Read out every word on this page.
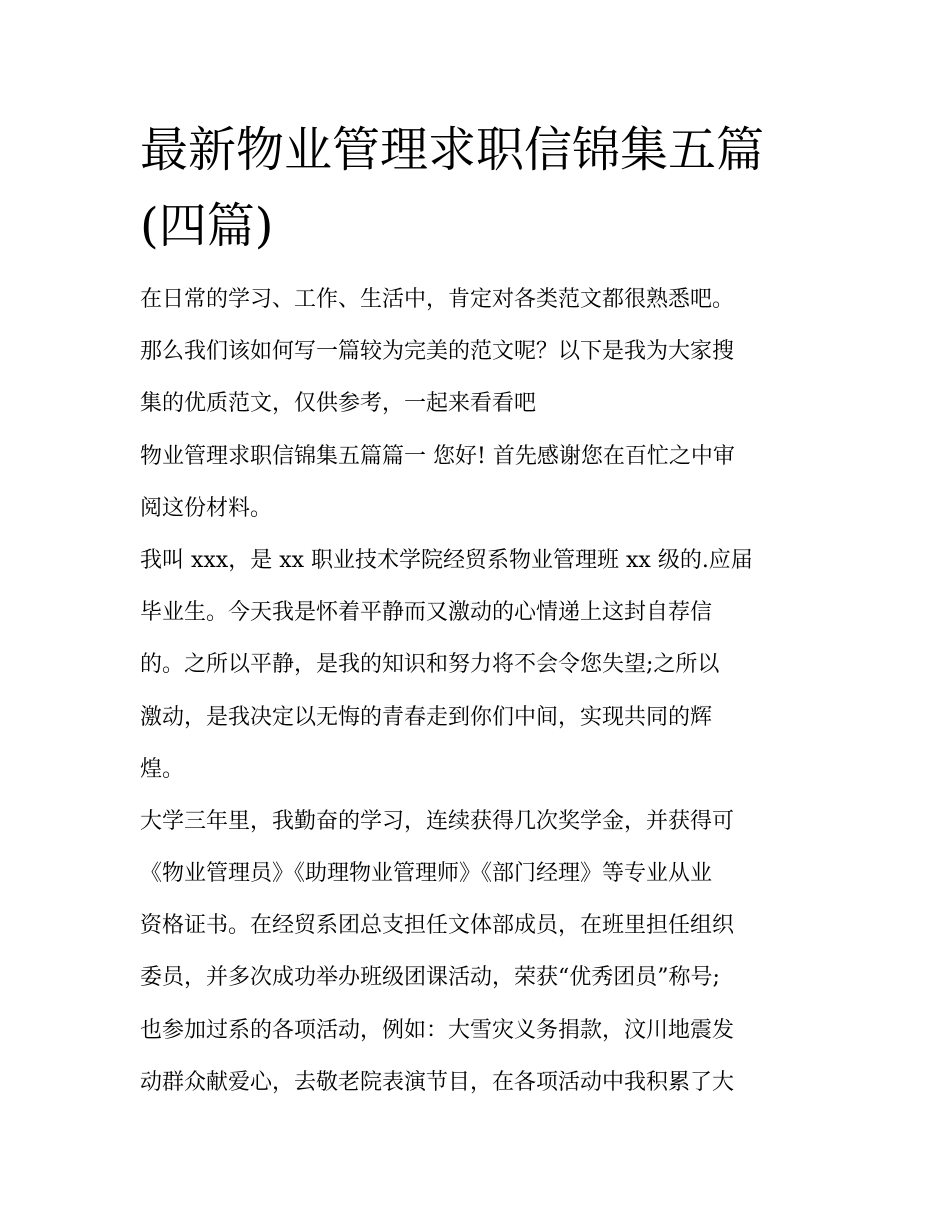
最新物业管理求职信锦集五篇
(四篇)
在日常的学习、工作、生活中，肯定对各类范文都很熟悉吧。
那么我们该如何写一篇较为完美的范文呢？以下是我为大家搜
集的优质范文，仅供参考，一起来看看吧
物业管理求职信锦集五篇篇一 您好! 首先感谢您在百忙之中审
阅这份材料。
我叫 xxx，是 xx 职业技术学院经贸系物业管理班 xx 级的.应届
毕业生。今天我是怀着平静而又激动的心情递上这封自荐信
的。之所以平静，是我的知识和努力将不会令您失望;之所以
激动，是我决定以无悔的青春走到你们中间，实现共同的辉
煌。
大学三年里，我勤奋的学习，连续获得几次奖学金，并获得可
《物业管理员》《助理物业管理师》《部门经理》等专业从业
资格证书。在经贸系团总支担任文体部成员，在班里担任组织
委员，并多次成功举办班级团课活动，荣获“优秀团员”称号;
也参加过系的各项活动，例如：大雪灾义务捐款，汶川地震发
动群众献爱心，去敬老院表演节目，在各项活动中我积累了大
